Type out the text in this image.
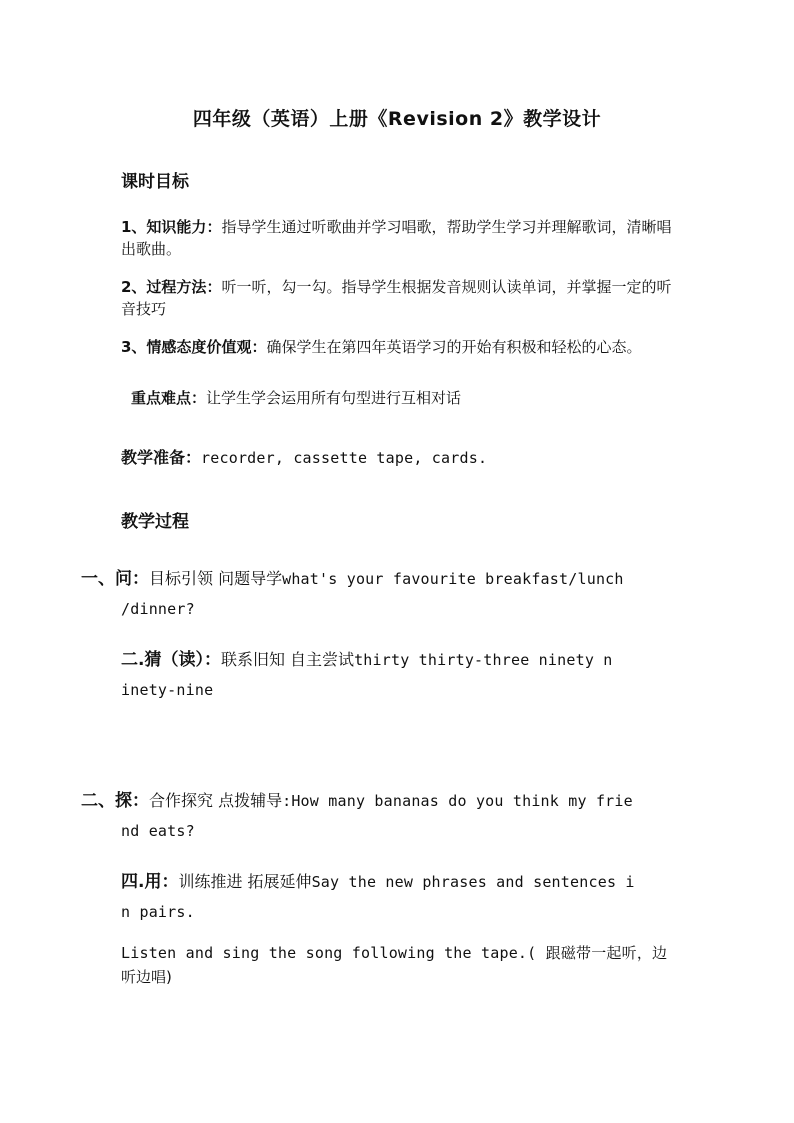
四年级（英语）上册《Revision 2》教学设计
课时目标
1、知识能力：指导学生通过听歌曲并学习唱歌，帮助学生学习并理解歌词，清晰唱出歌曲。
2、过程方法：听一听，勾一勾。指导学生根据发音规则认读单词，并掌握一定的听音技巧
3、情感态度价值观：确保学生在第四年英语学习的开始有积极和轻松的心态。
重点难点：让学生学会运用所有句型进行互相对话
教学准备：recorder, cassette tape, cards.
教学过程
一、问：目标引领 问题导学what's your favourite breakfast/lunch
/dinner?
二.猜（读）：联系旧知 自主尝试thirty thirty-three ninety n
inety-nine
二、探：合作探究 点拨辅导:How many bananas do you think my frie
nd eats?
四.用：训练推进 拓展延伸Say the new phrases and sentences i
n pairs.
Listen and sing the song following the tape.( 跟磁带一起听，边
听边唱)
